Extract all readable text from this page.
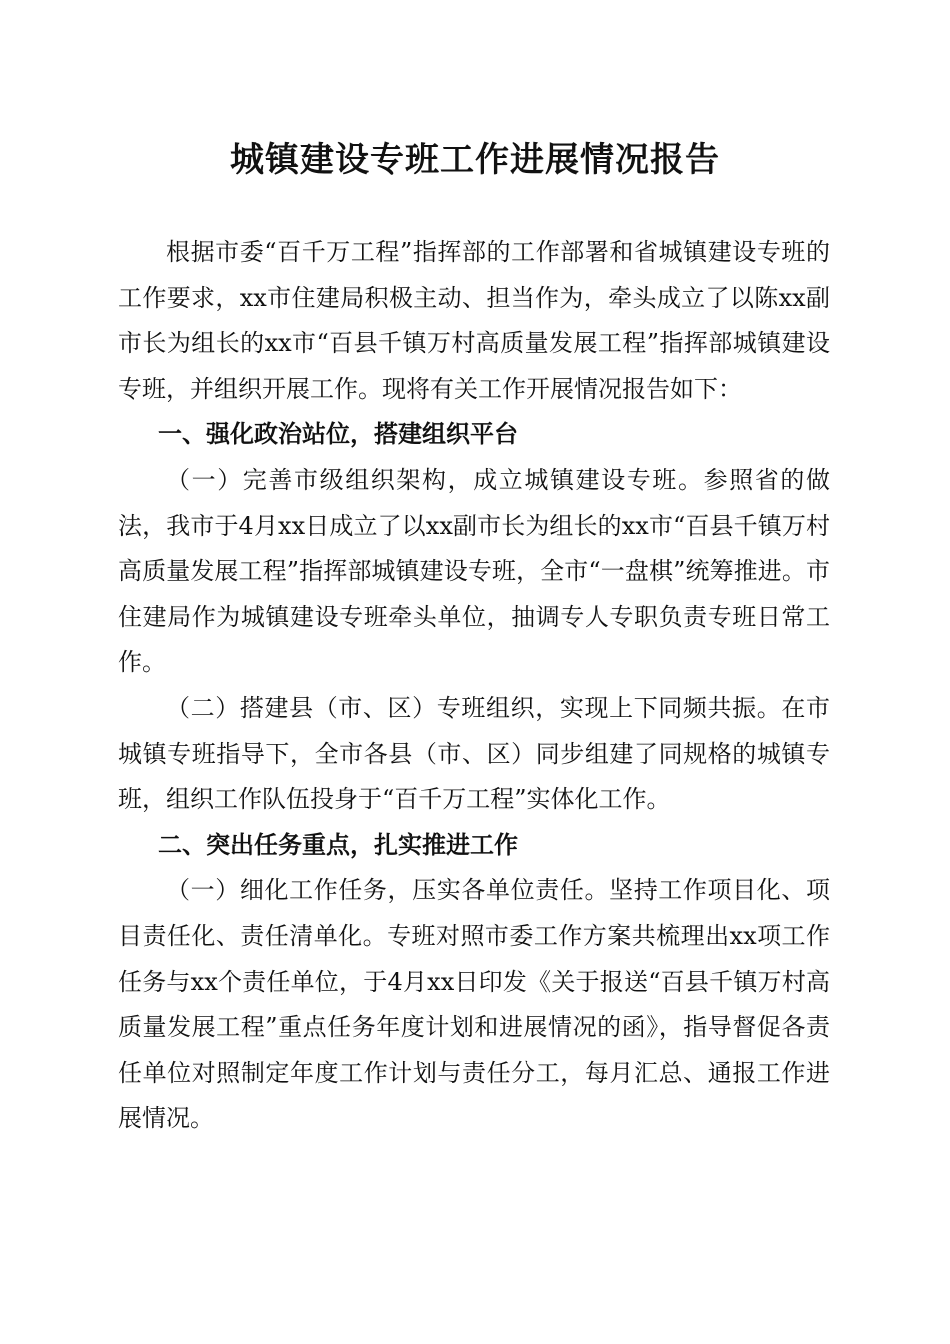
城镇建设专班工作进展情况报告

根据市委“百千万工程”指挥部的工作部署和省城镇建设专班的工作要求，xx市住建局积极主动、担当作为，牵头成立了以陈xx副市长为组长的xx市“百县千镇万村高质量发展工程”指挥部城镇建设专班，并组织开展工作。现将有关工作开展情况报告如下：

一、强化政治站位，搭建组织平台

（一）完善市级组织架构，成立城镇建设专班。参照省的做法，我市于4月xx日成立了以xx副市长为组长的xx市“百县千镇万村高质量发展工程”指挥部城镇建设专班，全市“一盘棋”统筹推进。市住建局作为城镇建设专班牵头单位，抽调专人专职负责专班日常工作。

（二）搭建县（市、区）专班组织，实现上下同频共振。在市城镇专班指导下，全市各县（市、区）同步组建了同规格的城镇专班，组织工作队伍投身于“百千万工程”实体化工作。

二、突出任务重点，扎实推进工作

（一）细化工作任务，压实各单位责任。坚持工作项目化、项目责任化、责任清单化。专班对照市委工作方案共梳理出xx项工作任务与xx个责任单位，于4月xx日印发《关于报送“百县千镇万村高质量发展工程”重点任务年度计划和进展情况的函》，指导督促各责任单位对照制定年度工作计划与责任分工，每月汇总、通报工作进展情况。
